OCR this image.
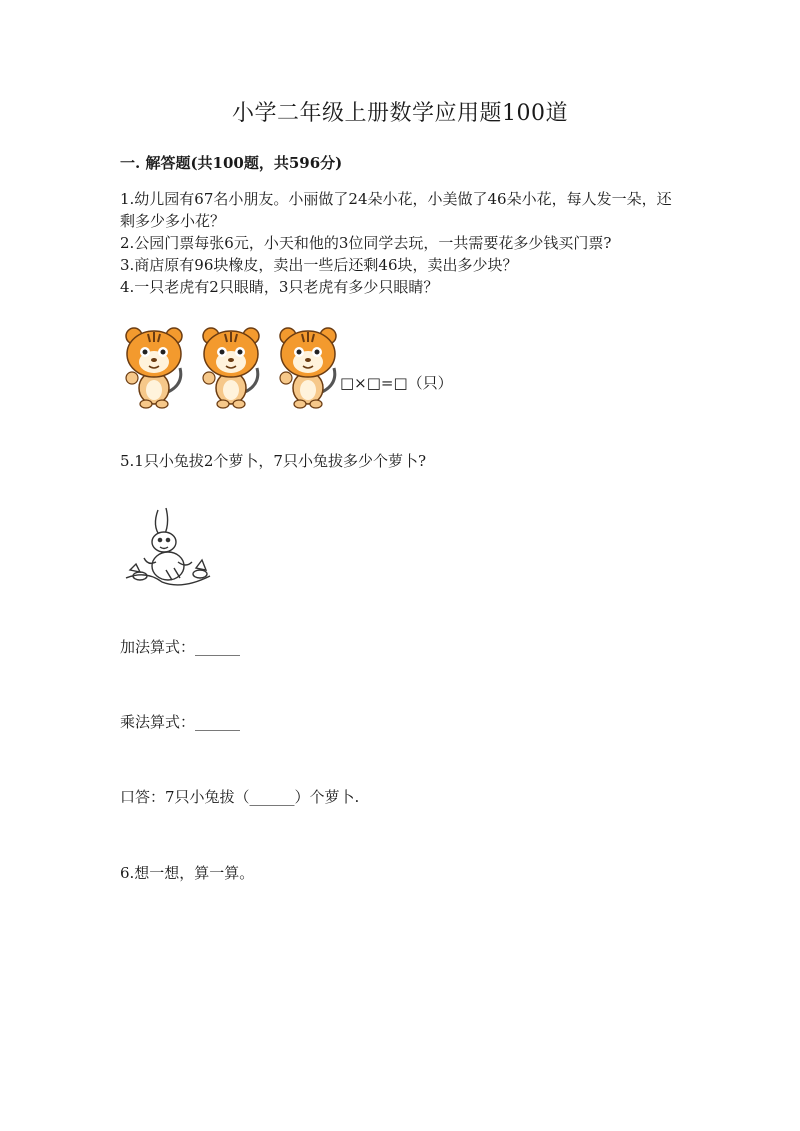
小学二年级上册数学应用题100道
一. 解答题(共100题，共596分)
1.幼儿园有67名小朋友。小丽做了24朵小花，小美做了46朵小花，每人发一朵，还剩多少多小花？
2.公园门票每张6元，小天和他的3位同学去玩，一共需要花多少钱买门票?
3.商店原有96块橡皮，卖出一些后还剩46块，卖出多少块？
4.一只老虎有2只眼睛，3只老虎有多少只眼睛？

□×□=□（只）
5.1只小兔拔2个萝卜，7只小兔拔多少个萝卜?
加法算式：______
乘法算式：______
口答：7只小兔拔（______）个萝卜.
6.想一想，算一算。
